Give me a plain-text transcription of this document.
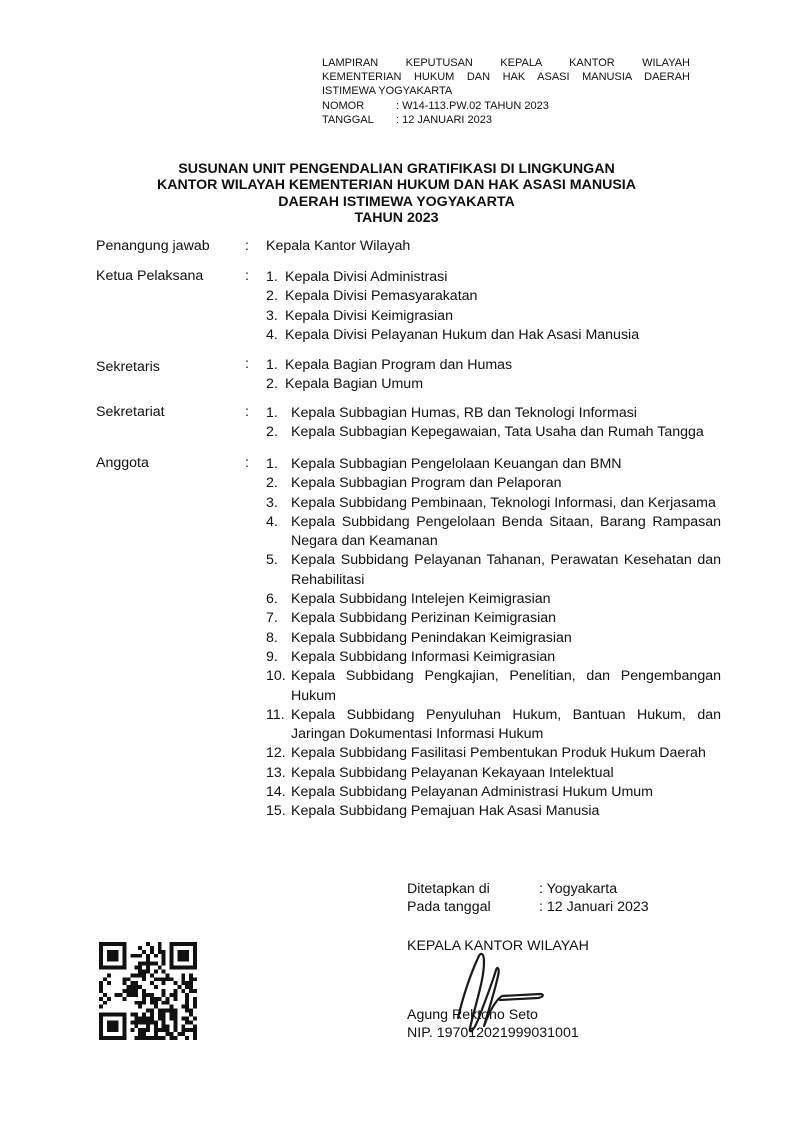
LAMPIRAN KEPUTUSAN KEPALA KANTOR WILAYAH
KEMENTERIAN HUKUM DAN HAK ASASI MANUSIA DAERAH
ISTIMEWA YOGYAKARTA
NOMOR	: W14-113.PW.02 TAHUN 2023
TANGGAL	: 12 JANUARI 2023
SUSUNAN UNIT PENGENDALIAN GRATIFIKASI DI LINGKUNGAN
KANTOR WILAYAH KEMENTERIAN HUKUM DAN HAK ASASI MANUSIA
DAERAH ISTIMEWA YOGYAKARTA
TAHUN 2023
Penangung jawab : Kepala Kantor Wilayah
Ketua Pelaksana	: 1. Kepala Divisi Administrasi
2. Kepala Divisi Pemasyarakatan
3. Kepala Divisi Keimigrasian
4. Kepala Divisi Pelayanan Hukum dan Hak Asasi Manusia
Sekretaris	: 1. Kepala Bagian Program dan Humas
2. Kepala Bagian Umum
Sekretariat	: 1. Kepala Subbagian Humas, RB dan Teknologi Informasi
2. Kepala Subbagian Kepegawaian, Tata Usaha dan Rumah Tangga
Anggota	: 1. Kepala Subbagian Pengelolaan Keuangan dan BMN
2. Kepala Subbagian Program dan Pelaporan
3. Kepala Subbidang Pembinaan, Teknologi Informasi, dan Kerjasama
4. Kepala Subbidang Pengelolaan Benda Sitaan, Barang Rampasan Negara dan Keamanan
5. Kepala Subbidang Pelayanan Tahanan, Perawatan Kesehatan dan Rehabilitasi
6. Kepala Subbidang Intelejen Keimigrasian
7. Kepala Subbidang Perizinan Keimigrasian
8. Kepala Subbidang Penindakan Keimigrasian
9. Kepala Subbidang Informasi Keimigrasian
10. Kepala Subbidang Pengkajian, Penelitian, dan Pengembangan Hukum
11. Kepala Subbidang Penyuluhan Hukum, Bantuan Hukum, dan Jaringan Dokumentasi Informasi Hukum
12. Kepala Subbidang Fasilitasi Pembentukan Produk Hukum Daerah
13. Kepala Subbidang Pelayanan Kekayaan Intelektual
14. Kepala Subbidang Pelayanan Administrasi Hukum Umum
15. Kepala Subbidang Pemajuan Hak Asasi Manusia
Ditetapkan di	: Yogyakarta
Pada tanggal	: 12 Januari 2023
KEPALA KANTOR WILAYAH
Agung Rektono Seto
NIP. 197012021999031001
